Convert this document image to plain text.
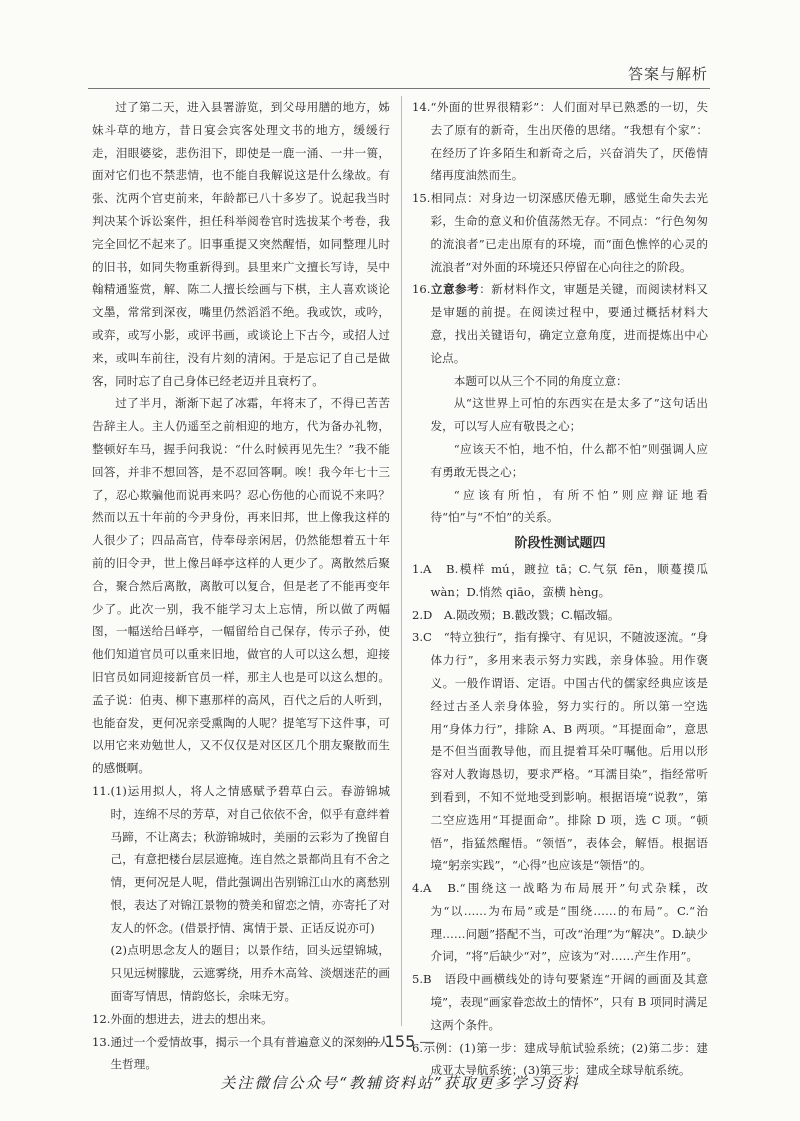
答案与解析

过了第二天，进入县署游览，到父母用膳的地方，姊妹斗草的地方，昔日宴会宾客处理文书的地方，缓缓行走，泪眼婆娑，悲伤泪下，即使是一鹿一涌、一井一篑，面对它们也不禁悲情，也不能自我解说这是什么缘故。有张、沈两个官吏前来，年龄都已八十多岁了。说起我当时判决某个诉讼案件，担任科举阅卷官时选拔某个考卷，我完全回忆不起来了。旧事重提又突然醒悟，如同整理儿时的旧书，如同失物重新得到。县里来广文擅长写诗，吴中翰精通鉴赏，解、陈二人擅长绘画与下棋，主人喜欢谈论文墨，常常到深夜，嘴里仍然滔滔不绝。我或饮，或吟，或弈，或写小影，或评书画，或谈论上下古今，或招人过来，或叫车前往，没有片刻的清闲。于是忘记了自己是做客，同时忘了自己身体已经老迈并且衰朽了。

过了半月，渐渐下起了冰霜，年将末了，不得已苦苦告辞主人。主人仍遥至之前相迎的地方，代为备办礼物，整顿好车马，握手问我说：“什么时候再见先生？”我不能回答，并非不想回答，是不忍回答啊。唉！我今年七十三了，忍心欺骗他而说再来吗？忍心伤他的心而说不来吗？然而以五十年前的今尹身份，再来旧邦，世上像我这样的人很少了；四品高官，侍奉母亲闲居，仍然能想着五十年前的旧令尹，世上像吕峄亭这样的人更少了。离散然后聚合，聚合然后离散，离散可以复合，但是老了不能再变年少了。此次一别，我不能学习太上忘情，所以做了两幅图，一幅送给吕峄亭，一幅留给自己保存，传示子孙，使他们知道官员可以重来旧地，做官的人可以这么想，迎接旧官员如同迎接新官员一样，那主人也是可以这么想的。孟子说：伯夷、柳下惠那样的高风，百代之后的人听到，也能奋发，更何况亲受熏陶的人呢？提笔写下这件事，可以用它来劝勉世人，又不仅仅是对区区几个朋友聚散而生的感慨啊。

11.(1)运用拟人，将人之情感赋予碧草白云。春游锦城时，连绵不尽的芳草，对自己依依不舍，似乎有意绊着马蹄，不让离去；秋游锦城时，美丽的云彩为了挽留自己，有意把楼台层层遮掩。连自然之景都尚且有不舍之情，更何况是人呢，借此强调出告别锦江山水的离愁别恨，表达了对锦江景物的赞美和留恋之情，亦寄托了对友人的怀念。(借景抒情、寓情于景、正话反说亦可)

(2)点明思念友人的题目；以景作结，回头远望锦城，只见远树朦胧，云遮雾绕，用乔木高耸、淡烟迷茫的画面寄写情思，情韵悠长，余味无穷。

12.外面的想进去，进去的想出来。

13.通过一个爱情故事，揭示一个具有普遍意义的深刻的人生哲理。

14.“外面的世界很精彩”：人们面对早已熟悉的一切，失去了原有的新奇，生出厌倦的思绪。“我想有个家”：在经历了许多陌生和新奇之后，兴奋消失了，厌倦情绪再度油然而生。

15.相同点：对身边一切深感厌倦无聊，感觉生命失去光彩，生命的意义和价值荡然无存。不同点：“行色匆匆的流浪者”已走出原有的环境，而“面色憔悴的心灵的流浪者”对外面的环境还只停留在心向往之的阶段。

16.立意参考：新材料作文，审题是关键，而阅读材料又是审题的前提。在阅读过程中，要通过概括材料大意，找出关键语句，确定立意角度，进而提炼出中心论点。

本题可以从三个不同的角度立意：

从“这世界上可怕的东西实在是太多了”这句话出发，可以写人应有敬畏之心；

“应该天不怕，地不怕，什么都不怕”则强调人应有勇敢无畏之心；

“应该有所怕，有所不怕”则应辩证地看待“怕”与“不怕”的关系。

阶段性测试题四

1.A　B.模样 mú，踱拉 tā；C.气氛 fēn，顺蔓摸瓜 wàn；D.悄然 qiāo，蛮横 hèng。

2.D　A.陨改殒；B.戳改戮；C.幅改辐。

3.C　“特立独行”，指有操守、有见识，不随波逐流。“身体力行”，多用来表示努力实践，亲身体验。用作褒义。一般作谓语、定语。中国古代的儒家经典应该是经过古圣人亲身体验，努力实行的。所以第一空选用“身体力行”，排除 A、B 两项。“耳提面命”，意思是不但当面教导他，而且提着耳朵叮嘱他。后用以形容对人教诲恳切，要求严格。“耳濡目染”，指经常听到看到，不知不觉地受到影响。根据语境“说教”，第二空应选用“耳提面命”。排除 D 项，选 C 项。“顿悟”，指猛然醒悟。“领悟”，表体会，解悟。根据语境“躬亲实践”，“心得”也应该是“领悟”的。

4.A　B.“围绕这一战略为布局展开”句式杂糅，改为“以……为布局”或是“围绕……的布局”。C.“治理……问题”搭配不当，可改“治理”为“解决”。D.缺少介词，“将”后缺少“对”，应该为“对……产生作用”。

5.B　语段中画横线处的诗句要紧连“开阔的画面及其意境”，表现“画家眷恋故土的情怀”，只有 B 项同时满足这两个条件。

6.示例：(1)第一步：建成导航试验系统；(2)第二步：建成亚太导航系统；(3)第三步：建成全球导航系统。

— 155 —
关注微信公众号“教辅资料站”获取更多学习资料
